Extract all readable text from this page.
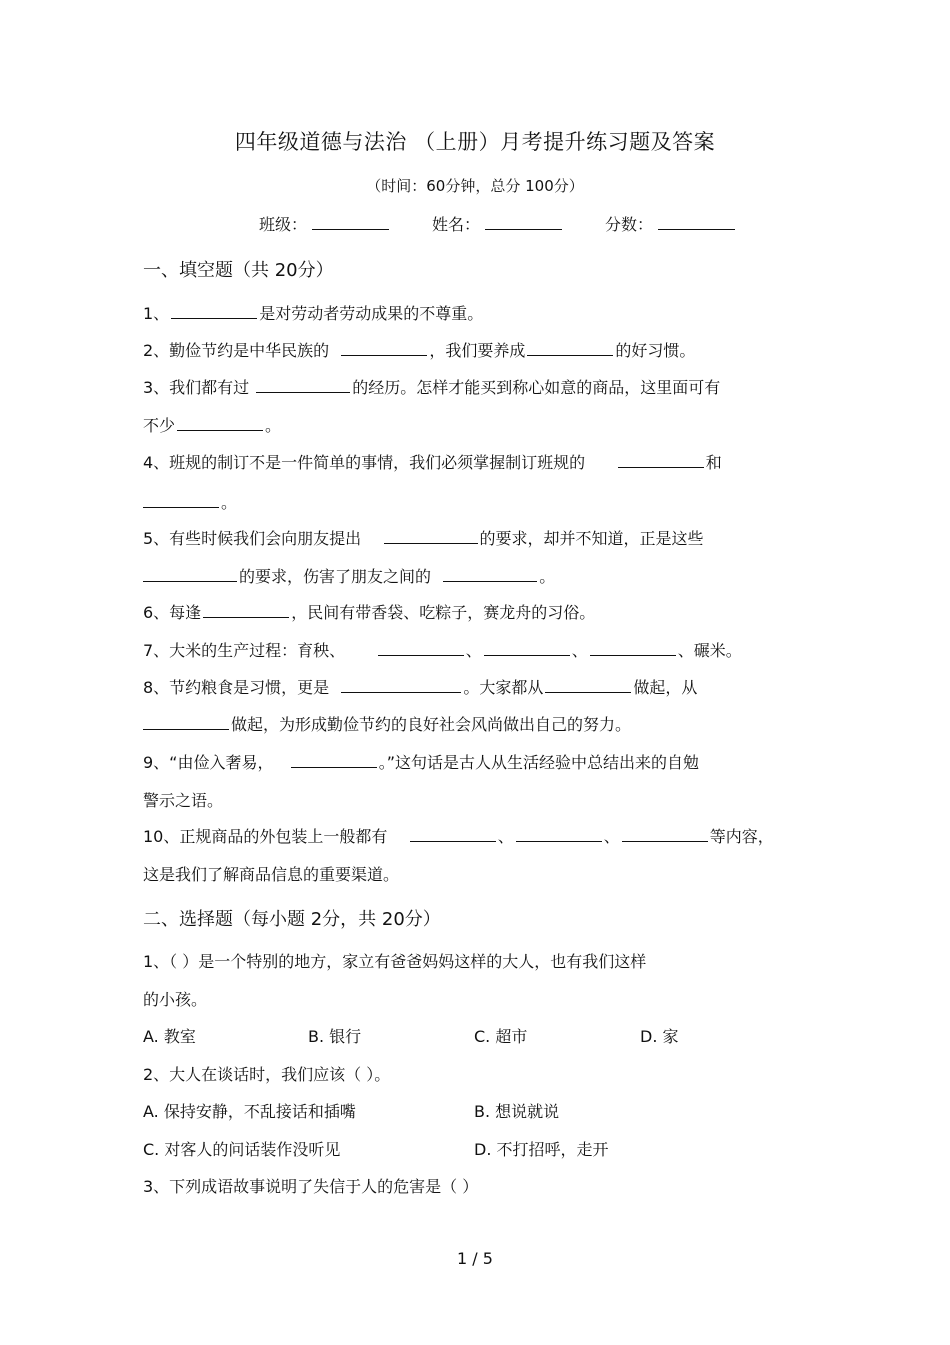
四年级道德与法治 （上册）月考提升练习题及答案
（时间：60分钟，总分 100分）
班级：	姓名：	分数：
一、填空题（共 20分）
1、	是对劳动者劳动成果的不尊重。
2、勤俭节约是中华民族的	，我们要养成	的好习惯。
3、我们都有过	的经历。怎样才能买到称心如意的商品，这里面可有
不少	。
4、班规的制订不是一件简单的事情，我们必须掌握制订班规的	和
。
5、有些时候我们会向朋友提出	的要求，却并不知道，正是这些
的要求，伤害了朋友之间的	。
6、每逢	，民间有带香袋、吃粽子，赛龙舟的习俗。
7、大米的生产过程：育秧、	、	、	、碾米。
8、节约粮食是习惯，更是	。大家都从	做起，从
做起，为形成勤俭节约的良好社会风尚做出自己的努力。
9、“由俭入奢易，	。”这句话是古人从生活经验中总结出来的自勉
警示之语。
10、正规商品的外包装上一般都有	、	、	等内容，
这是我们了解商品信息的重要渠道。
二、选择题（每小题 2分，共 20分）
1、（ ）是一个特别的地方，家立有爸爸妈妈这样的大人，也有我们这样
的小孩。
A. 教室	B. 银行	C. 超市	D. 家
2、大人在谈话时，我们应该（ ）。
A. 保持安静，不乱接话和插嘴	B. 想说就说
C. 对客人的问话装作没听见	D. 不打招呼，走开
3、下列成语故事说明了失信于人的危害是（ ）
1 / 5
